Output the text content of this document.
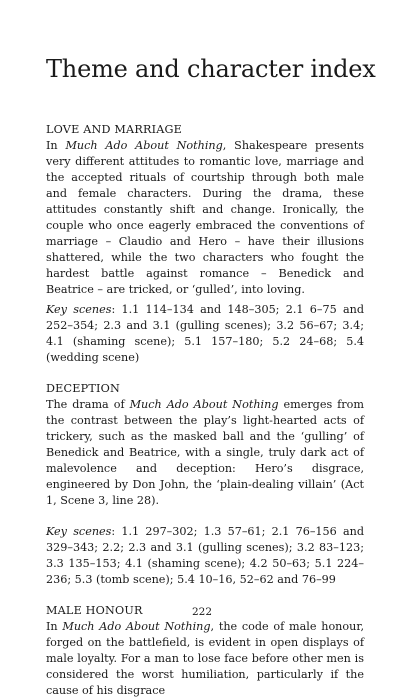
Theme and character index
LOVE AND MARRIAGE

In Much Ado About Nothing, Shakespeare presents very different attitudes to romantic love, marriage and the accepted rituals of courtship through both male and female characters. During the drama, these attitudes constantly shift and change. Ironically, the couple who once eagerly embraced the conventions of marriage – Claudio and Hero – have their illusions shattered, while the two characters who fought the hardest battle against romance – Benedick and Beatrice – are tricked, or ‘gulled’, into loving.

Key scenes: 1.1 114–134 and 148–305; 2.1 6–75 and 252–354; 2.3 and 3.1 (gulling scenes); 3.2 56–67; 3.4; 4.1 (shaming scene); 5.1 157–180; 5.2 24–68; 5.4 (wedding scene)

DECEPTION

The drama of Much Ado About Nothing emerges from the contrast between the play’s light-hearted acts of trickery, such as the masked ball and the ‘gulling’ of Benedick and Beatrice, with a single, truly dark act of malevolence and deception: Hero’s disgrace, engineered by Don John, the ‘plain-dealing villain’ (Act 1, Scene 3, line 28).

Key scenes: 1.1 297–302; 1.3 57–61; 2.1 76–156 and 329–343; 2.2; 2.3 and 3.1 (gulling scenes); 3.2 83–123; 3.3 135–153; 4.1 (shaming scene); 4.2 50–63; 5.1 224–236; 5.3 (tomb scene); 5.4 10–16, 52–62 and 76–99

MALE HONOUR

In Much Ado About Nothing, the code of male honour, forged on the battlefield, is evident in open displays of male loyalty. For a man to lose face before other men is considered the worst humiliation, particularly if the cause of his disgrace

222
